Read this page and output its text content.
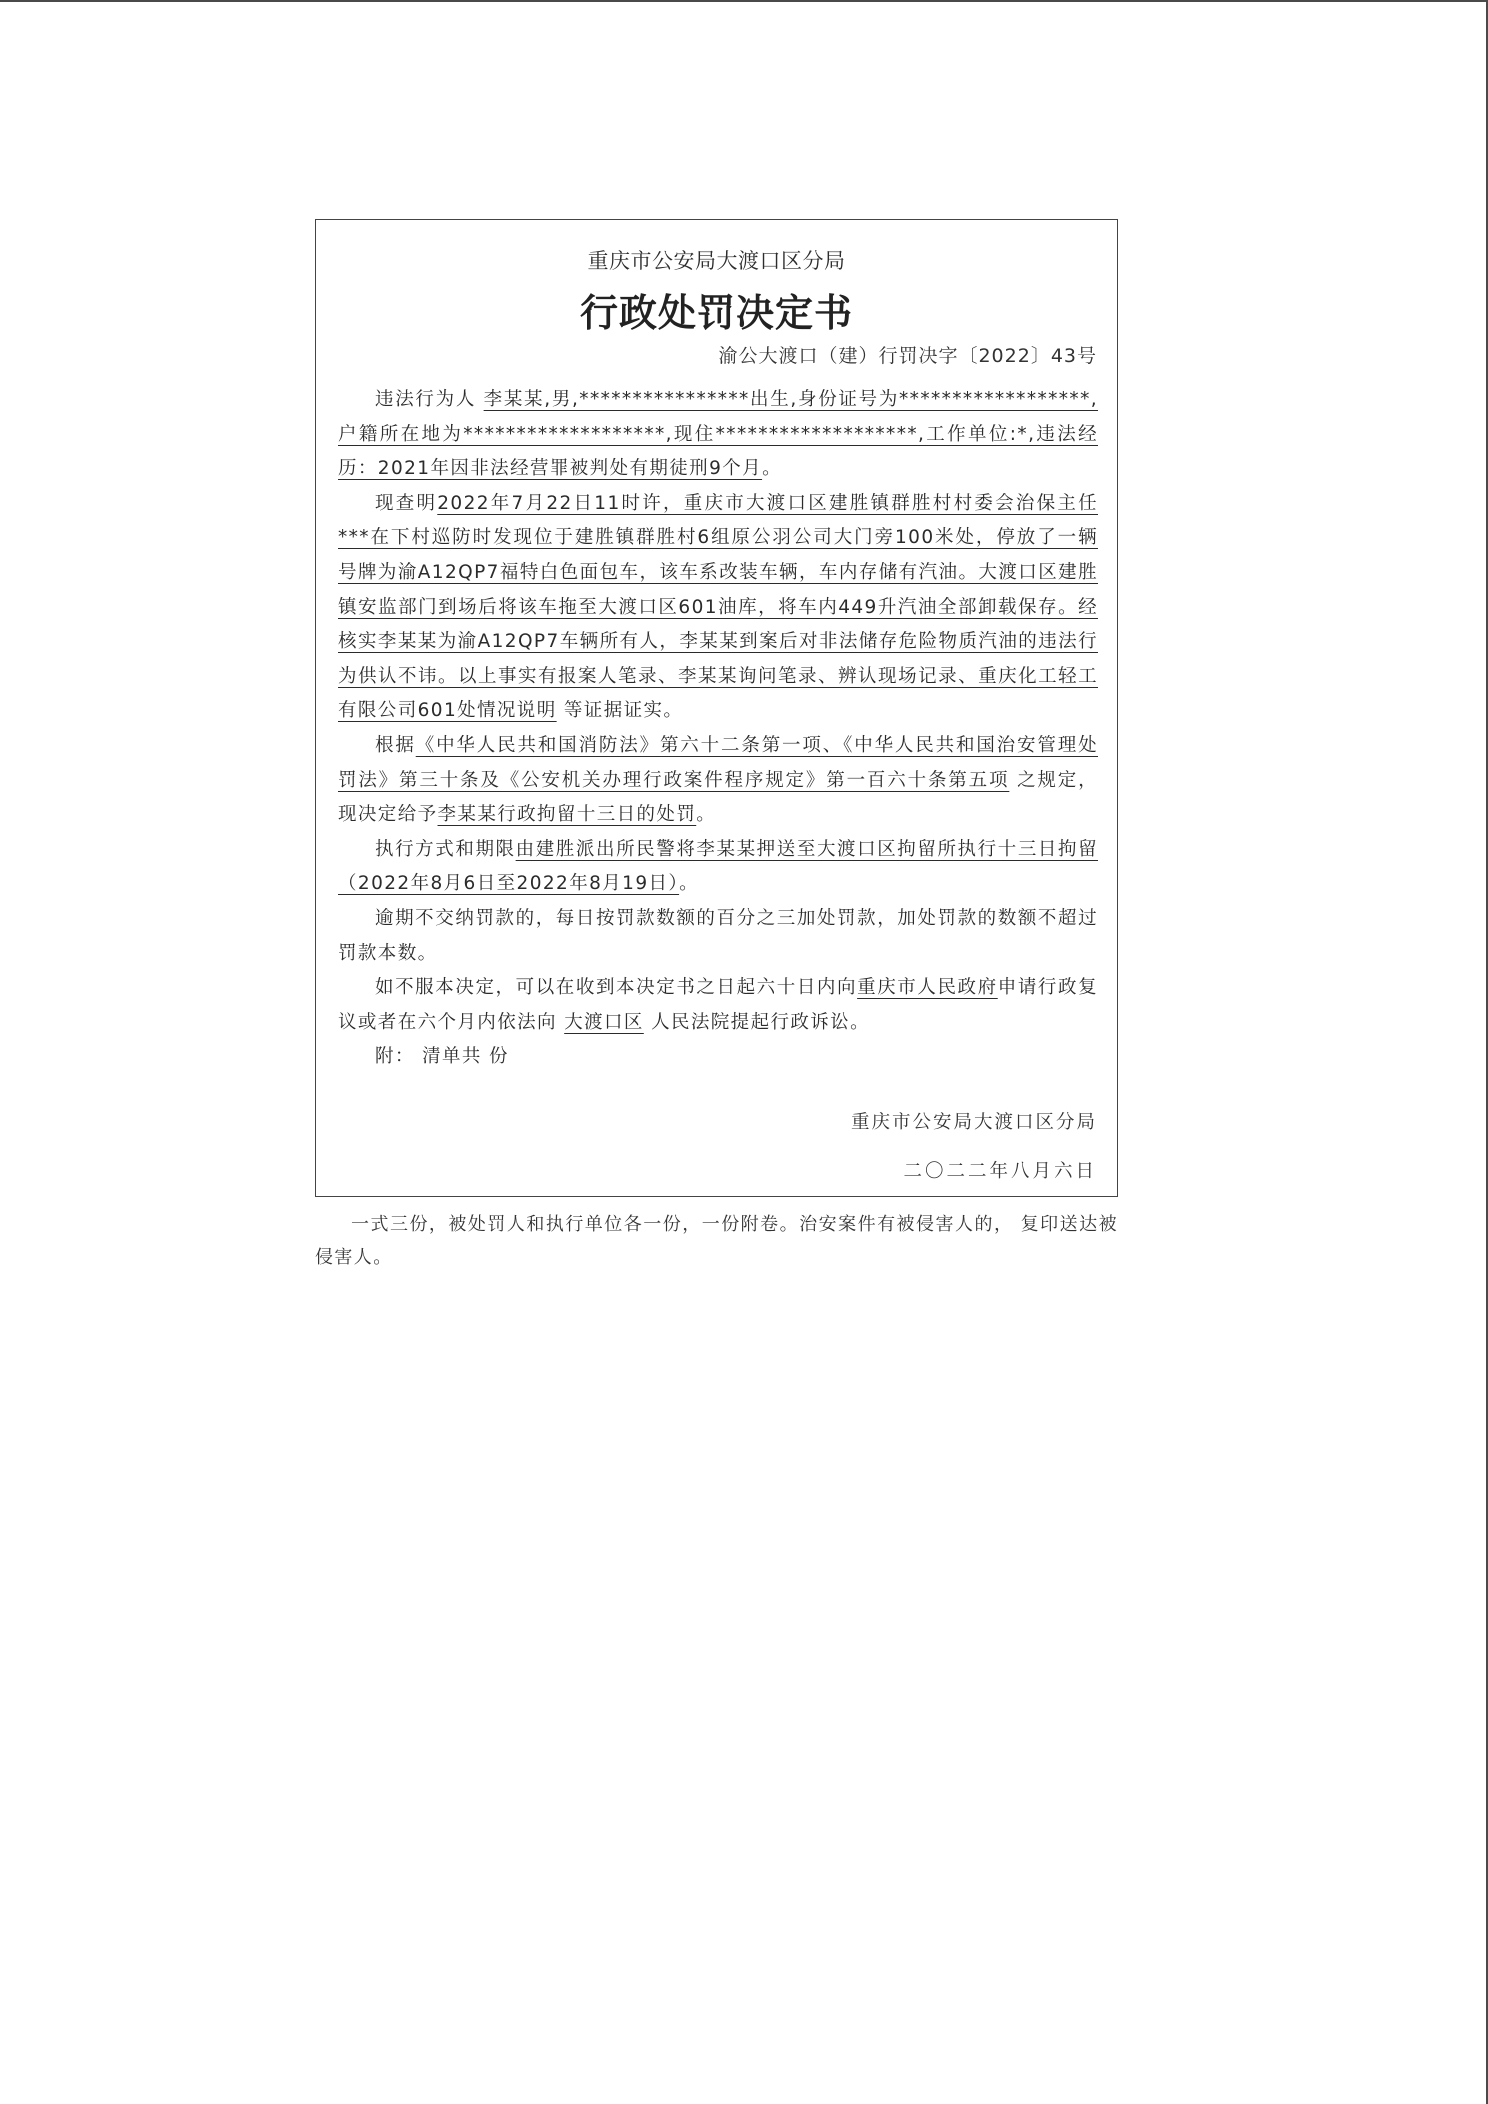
重庆市公安局大渡口区分局
行政处罚决定书
渝公大渡口（建）行罚决字〔2022〕43号

违法行为人 李某某,男,****************出生,身份证号为******************,户籍所在地为*******************,现住*******************,工作单位:*,违法经历：2021年因非法经营罪被判处有期徒刑9个月。

现查明2022年7月22日11时许，重庆市大渡口区建胜镇群胜村村委会治保主任***在下村巡防时发现位于建胜镇群胜村6组原公羽公司大门旁100米处，停放了一辆号牌为渝A12QP7福特白色面包车，该车系改装车辆，车内存储有汽油。大渡口区建胜镇安监部门到场后将该车拖至大渡口区601油库，将车内449升汽油全部卸载保存。经核实李某某为渝A12QP7车辆所有人，李某某到案后对非法储存危险物质汽油的违法行为供认不讳。以上事实有报案人笔录、李某某询问笔录、辨认现场记录、重庆化工轻工有限公司601处情况说明 等证据证实。

根据《中华人民共和国消防法》第六十二条第一项、《中华人民共和国治安管理处罚法》第三十条及《公安机关办理行政案件程序规定》第一百六十条第五项 之规定，现决定给予李某某行政拘留十三日的处罚。

执行方式和期限由建胜派出所民警将李某某押送至大渡口区拘留所执行十三日拘留（2022年8月6日至2022年8月19日）。

逾期不交纳罚款的，每日按罚款数额的百分之三加处罚款，加处罚款的数额不超过罚款本数。

如不服本决定，可以在收到本决定书之日起六十日内向重庆市人民政府申请行政复议或者在六个月内依法向 大渡口区 人民法院提起行政诉讼。

附： 清单共 份

重庆市公安局大渡口区分局
二〇二二年八月六日
一式三份，被处罚人和执行单位各一份，一份附卷。治安案件有被侵害人的， 复印送达被侵害人。
